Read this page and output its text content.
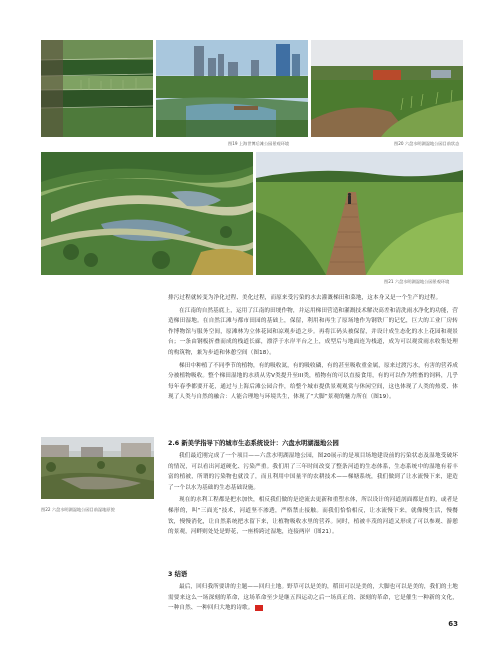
图19 上海世博后滩公园景观环境	图20 六盘水明湖湿地公园目前状态
图21 六盘水明湖湿地公园景观环境
图22 六盘水明湖湿地公园目前湿地原貌

排污过程就转变为净化过程、美化过程，而原来受污染的水去灌溉梯田和菜地，这本身又是一个生产的过程。

在江南的自然基底上，运用了江南的田埂作物，并运用梯田营造和灌溉技术解决高差和清洗雨水净化的功能，营造梯田湿地。在自然江滩与都市田园的基础上，保留，利用和再生了原场地作为钢铁厂的记忆，巨大的工业厂房转作博物馆与服务空间，原滩林为立体花园和凉观步道之步。再将江码头被保留，并设计成生态化的水上花园和观景台；一条由钢板折叠而成的栈道长廊，漂浮于水岸平台之上，成型后与地面连为栈道，成为可以观赏雨水收集处理的构筑物，兼为步道和休憩空间（图18）。

梯田中种植了不同季节的植物，有的吸收氮，有的吸收磷，有的甚至吸收重金属，原来过渡污水，有害的营养成分被植物吸收。整个梯田湿地的水质从劣V类提升至III类，植物有的可以直接食用，有的可以作为牲畜的饲料，几乎每年春季都要开花，通过与上海后滩公园合作，给整个城市提供景观观赏与休闲空间，这也体现了人类的热爱、体现了人类与自然的融合：人能合理地与环境共生，体现了“大脚”景观的魅力所在（图19）。

2.6 新美学指导下的城市生态系统设计：六盘水明湖湿地公园

我们最近刚完成了一个项目——六盘水明湖湿地公园，图20展示的是项目场地建设前的污染状态及湿地受破坏的情况，可以看出河道硬化、污染严重。我们用了三年时间改变了整条河道的生态体系，生态系统中的湿地有着丰富的植被，所谓的污染物也就没了，而且利用中国量平的农耕技术——梯塘系统，我们做到了让水流慢下来，建造了一个以水为基础的生态基础设施。

现在的水利工程都是把水加快，相反我们做的是逆流去更新和重塑水体，所以设计的河道剖面都是直的，或者是梯形的，叫“三面光”技术，河道坚不渗透，严格禁止接触。而我们恰恰相反，让水流慢下来，就像慢生活，慢餐饮，慢慢消化，让自然系统把水留下来，让植物吸收水里的营养。同时，植被丰茂的河道又形成了可以参观、游憩的景观，河畔则处处是野花，一座桥跨过湿地，连接两岸（图21）。

3 结语

最后，回归我所要讲的主题——回归土地。野草可以是美的，稻田可以是美的，大脚也可以是美的，我们的土地需要来这么一场深刻的革命，这场革命至少是继五四运动之后一场真正的、深刻的革命，它是催生一种新的文化，一种自然、一种回归大地的诗歌。

63
